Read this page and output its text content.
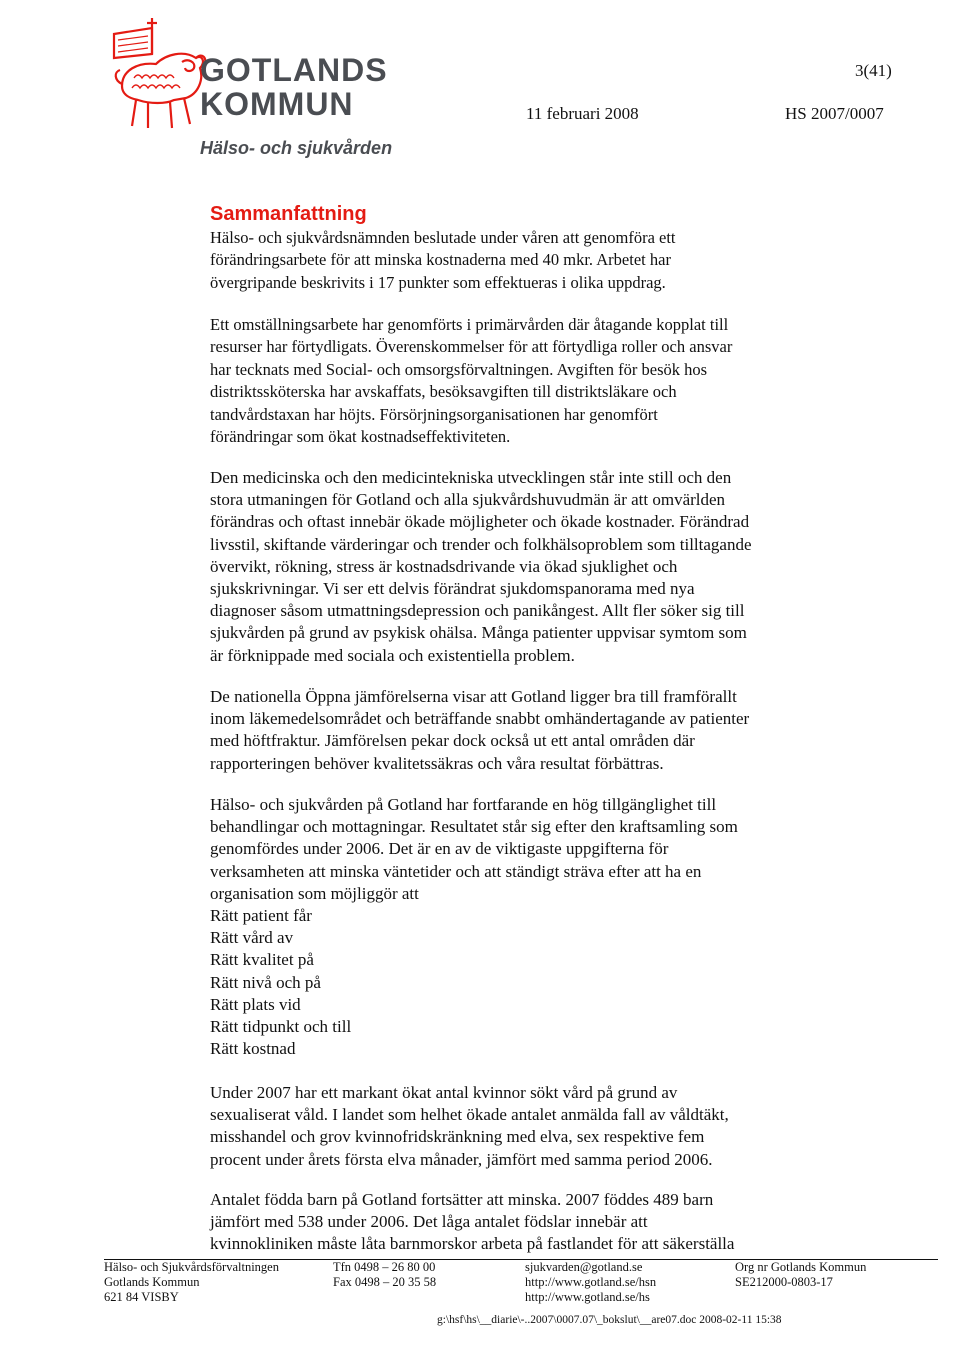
GOTLANDS
KOMMUN
Hälso- och sjukvården
3(41)
11 februari 2008	HS 2007/0007
Sammanfattning
Hälso- och sjukvårdsnämnden beslutade under våren att genomföra ett
förändringsarbete för att minska kostnaderna med 40 mkr. Arbetet har
övergripande beskrivits i 17 punkter som effektueras i olika uppdrag.
Ett omställningsarbete har genomförts i primärvården där åtagande kopplat till
resurser har förtydligats. Överenskommelser för att förtydliga roller och ansvar
har tecknats med Social- och omsorgsförvaltningen. Avgiften för besök hos
distriktssköterska har avskaffats, besöksavgiften till distriktsläkare och
tandvårdstaxan har höjts. Försörjningsorganisationen har genomfört
förändringar som ökat kostnadseffektiviteten.
Den medicinska och den medicintekniska utvecklingen står inte still och den
stora utmaningen för Gotland och alla sjukvårdshuvudmän är att omvärlden
förändras och oftast innebär ökade möjligheter och ökade kostnader. Förändrad
livsstil, skiftande värderingar och trender och folkhälsoproblem som tilltagande
övervikt, rökning, stress är kostnadsdrivande via ökad sjuklighet och
sjukskrivningar. Vi ser ett delvis förändrat sjukdomspanorama med nya
diagnoser såsom utmattningsdepression och panikångest. Allt fler söker sig till
sjukvården på grund av psykisk ohälsa. Många patienter uppvisar symtom som
är förknippade med sociala och existentiella problem.
De nationella Öppna jämförelserna visar att Gotland ligger bra till framförallt
inom läkemedelsområdet och beträffande snabbt omhändertagande av patienter
med höftfraktur. Jämförelsen pekar dock också ut ett antal områden där
rapporteringen behöver kvalitetssäkras och våra resultat förbättras.
Hälso- och sjukvården på Gotland har fortfarande en hög tillgänglighet till
behandlingar och mottagningar. Resultatet står sig efter den kraftsamling som
genomfördes under 2006. Det är en av de viktigaste uppgifterna för
verksamheten att minska väntetider och att ständigt sträva efter att ha en
organisation som möjliggör att
Rätt patient får
Rätt vård av
Rätt kvalitet på
Rätt nivå och på
Rätt plats vid
Rätt tidpunkt och till
Rätt kostnad
Under 2007 har ett markant ökat antal kvinnor sökt vård på grund av
sexualiserat våld. I landet som helhet ökade antalet anmälda fall av våldtäkt,
misshandel och grov kvinnofridskränkning med elva, sex respektive fem
procent under årets första elva månader, jämfört med samma period 2006.
Antalet födda barn på Gotland fortsätter att minska. 2007 föddes 489 barn
jämfört med 538 under 2006. Det låga antalet födslar innebär att
kvinnokliniken måste låta barnmorskor arbeta på fastlandet för att säkerställa
Hälso- och Sjukvårdsförvaltningen
Gotlands Kommun
621 84 VISBY
Tfn 0498 – 26 80 00
Fax 0498 – 20 35 58
sjukvarden@gotland.se
http://www.gotland.se/hsn
http://www.gotland.se/hs
Org nr Gotlands Kommun
SE212000-0803-17
g:\hsf\hs\__diarie\-..2007\0007.07\_bokslut\__are07.doc 2008-02-11 15:38
